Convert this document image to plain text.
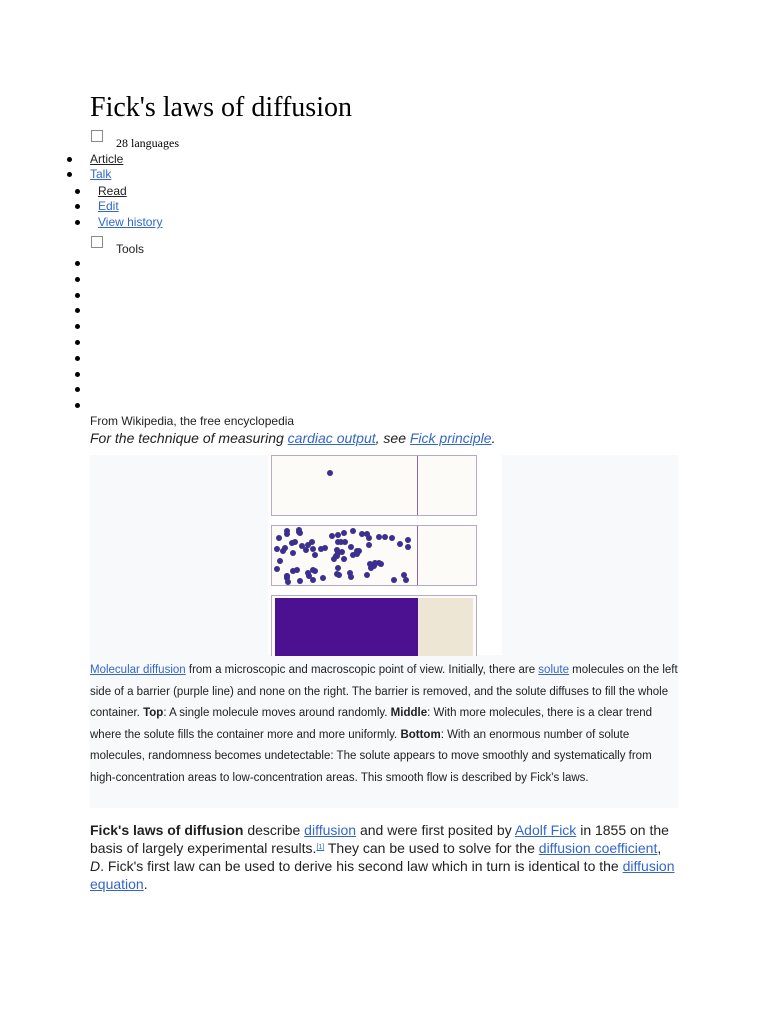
Fick's laws of diffusion
28 languages
Article
Talk
Read
Edit
View history
Tools
From Wikipedia, the free encyclopedia
For the technique of measuring cardiac output, see Fick principle.
Molecular diffusion from a microscopic and macroscopic point of view. Initially, there are solute molecules on the left side of a barrier (purple line) and none on the right. The barrier is removed, and the solute diffuses to fill the whole container. Top: A single molecule moves around randomly. Middle: With more molecules, there is a clear trend where the solute fills the container more and more uniformly. Bottom: With an enormous number of solute molecules, randomness becomes undetectable: The solute appears to move smoothly and systematically from high-concentration areas to low-concentration areas. This smooth flow is described by Fick's laws.
Fick's laws of diffusion describe diffusion and were first posited by Adolf Fick in 1855 on the basis of largely experimental results.[1] They can be used to solve for the diffusion coefficient, D. Fick's first law can be used to derive his second law which in turn is identical to the diffusion equation.
